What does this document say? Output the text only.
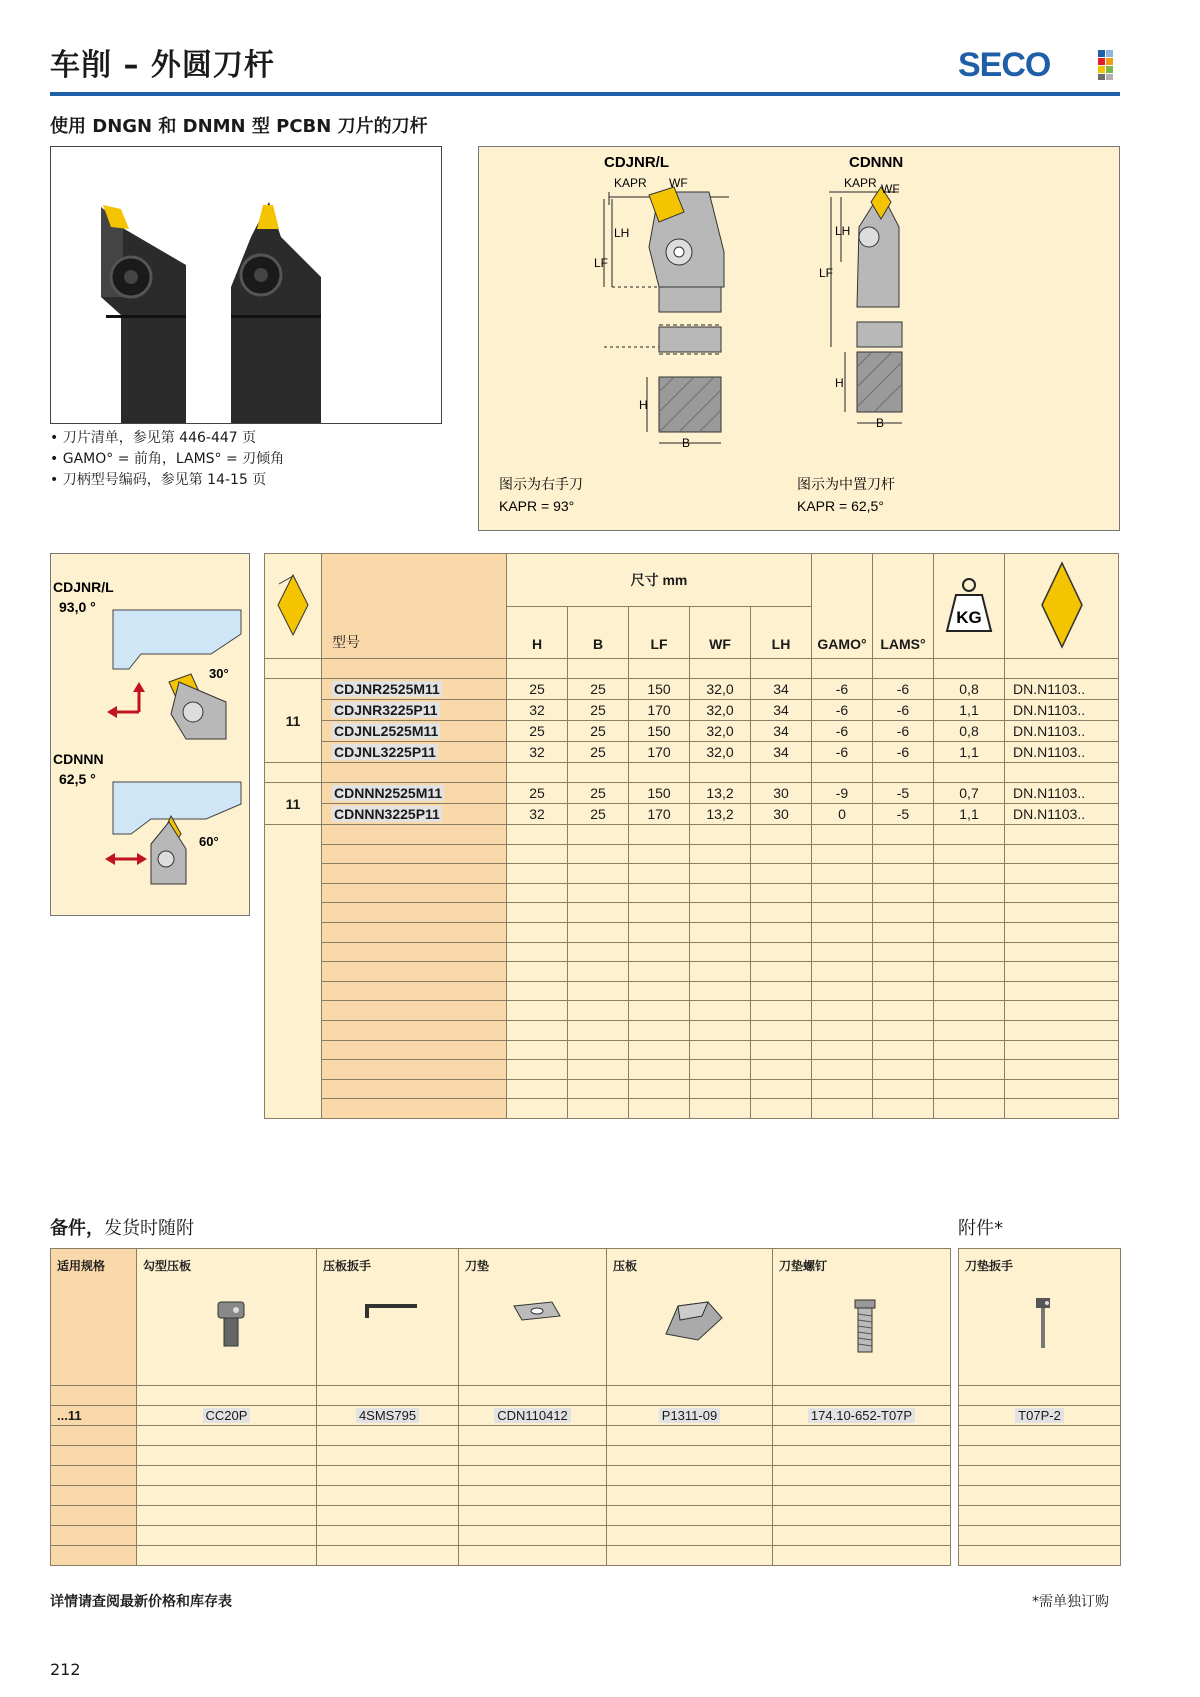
车削 – 外圆刀杆	SECO
使用 DNGN 和 DNMN 型 PCBN 刀片的刀杆
• 刀片清单，参见第 446-447 页
• GAMO° = 前角，LAMS° = 刃倾角
• 刀柄型号编码，参见第 14-15 页
CDJNR/L	CDNNN
KAPR WF
LH
LF
H
B
KAPR WF
LH
LF
H
B
图示为右手刀
KAPR = 93°
图示为中置刀杆
KAPR = 62,5°
CDJNR/L
93,0 °
30°
CDNNN
62,5 °
60°
	型号	尺寸 mm					GAMO°	LAMS°	KG

		H	B	LF	WF	LH				

11	CDJNR2525M11	25	25	150	32,0	34	-6	-6	0,8	DN.N1103..
	CDJNR3225P11	32	25	170	32,0	34	-6	-6	1,1	DN.N1103..
	CDJNL2525M11	25	25	150	32,0	34	-6	-6	0,8	DN.N1103..
	CDJNL3225P11	32	25	170	32,0	34	-6	-6	1,1	DN.N1103..

11	CDNNN2525M11	25	25	150	13,2	30	-9	-5	0,7	DN.N1103..
	CDNNN3225P11	32	25	170	13,2	30	0	-5	1,1	DN.N1103..

备件，发货时随附	附件*
适用规格	勾型压板	压板扳手	刀垫	压板	刀垫螺钉

...11	CC20P	4SMS795	CDN110412	P1311-09	174.10-652-T07P

刀垫扳手

T07P-2

详情请查阅最新价格和库存表	*需单独订购
212
